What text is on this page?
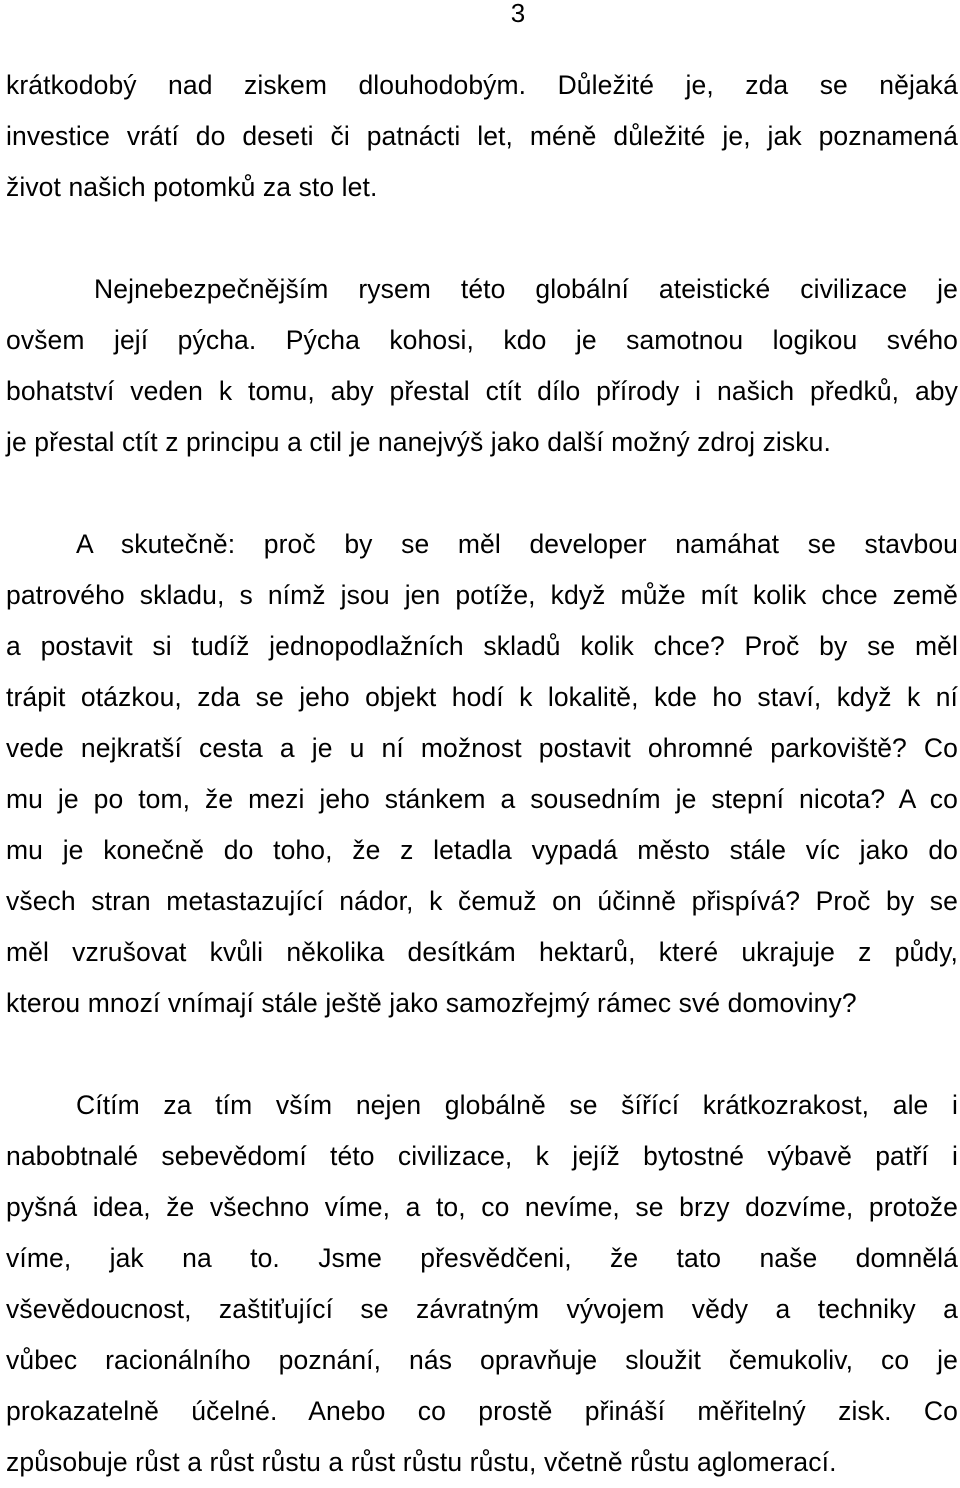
3
krátkodobý nad ziskem dlouhodobým. Důležité je, zda se nějaká
investice vrátí do deseti či patnácti let, méně důležité je, jak poznamená
život našich potomků za sto let.
Nejnebezpečnějším rysem této globální ateistické civilizace je
ovšem její pýcha. Pýcha kohosi, kdo je samotnou logikou svého
bohatství veden k tomu, aby přestal ctít dílo přírody i našich předků, aby
je přestal ctít z principu a ctil je nanejvýš jako další možný zdroj zisku.
A skutečně: proč by se měl developer namáhat se stavbou
patrového skladu, s nímž jsou jen potíže, když může mít kolik chce země
a postavit si tudíž jednopodlažních skladů kolik chce? Proč by se měl
trápit otázkou, zda se jeho objekt hodí k lokalitě, kde ho staví, když k ní
vede nejkratší cesta a je u ní možnost postavit ohromné parkoviště? Co
mu je po tom, že mezi jeho stánkem a sousedním je stepní nicota? A co
mu je konečně do toho, že z letadla vypadá město stále víc jako do
všech stran metastazující nádor, k čemuž on účinně přispívá? Proč by se
měl vzrušovat kvůli několika desítkám hektarů, které ukrajuje z půdy,
kterou mnozí vnímají stále ještě jako samozřejmý rámec své domoviny?
Cítím za tím vším nejen globálně se šířící krátkozrakost, ale i
nabobtnalé sebevědomí této civilizace, k jejíž bytostné výbavě patří i
pyšná idea, že všechno víme, a to, co nevíme, se brzy dozvíme, protože
víme, jak na to. Jsme přesvědčeni, že tato naše domnělá
vševědoucnost, zaštiťující se závratným vývojem vědy a techniky a
vůbec racionálního poznání, nás opravňuje sloužit čemukoliv, co je
prokazatelně účelné. Anebo co prostě přináší měřitelný zisk. Co
způsobuje růst a růst růstu a růst růstu růstu, včetně růstu aglomerací.
